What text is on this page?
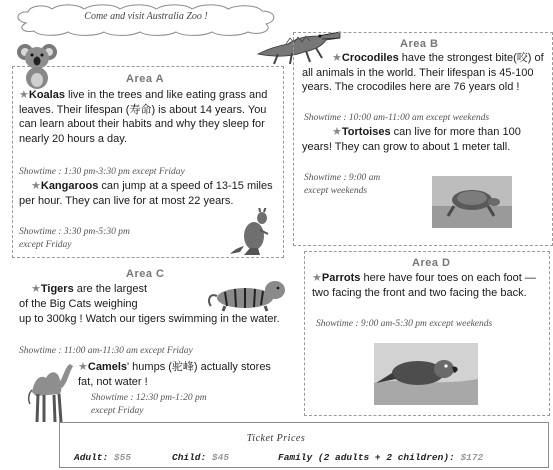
Come and visit Australia Zoo !
Area A
★Koalas live in the trees and like eating grass and leaves. Their lifespan (寿命) is about 14 years. You can learn about their habits and why they sleep for nearly 20 hours a day.
Showtime : 1:30 pm-3:30 pm except Friday
★Kangaroos can jump at a speed of 13-15 miles per hour. They can live for at most 22 years.
Showtime : 3:30 pm-5:30 pm
except Friday
Area B
★Crocodiles have the strongest bite(咬) of all animals in the world. Their lifespan is 45-100 years. The crocodiles here are 76 years old !
Showtime : 10:00 am-11:00 am except weekends
★Tortoises can live for more than 100 years! They can grow to about 1 meter tall.
Showtime : 9:00 am
except weekends
Area C
★Tigers are the largest
of the Big Cats weighing
up to 300kg ! Watch our tigers swimming in the water.
Showtime : 11:00 am-11:30 am except Friday
★Camels' humps (驼峰) actually stores fat, not water !
Showtime : 12:30 pm-1:20 pm
except Friday
Area D
★Parrots here have four toes on each foot — two facing the front and two facing the back.
Showtime : 9:00 am-5:30 pm except weekends
Ticket Prices
Adult: $55	Child: $45	Family (2 adults + 2 children): $172
